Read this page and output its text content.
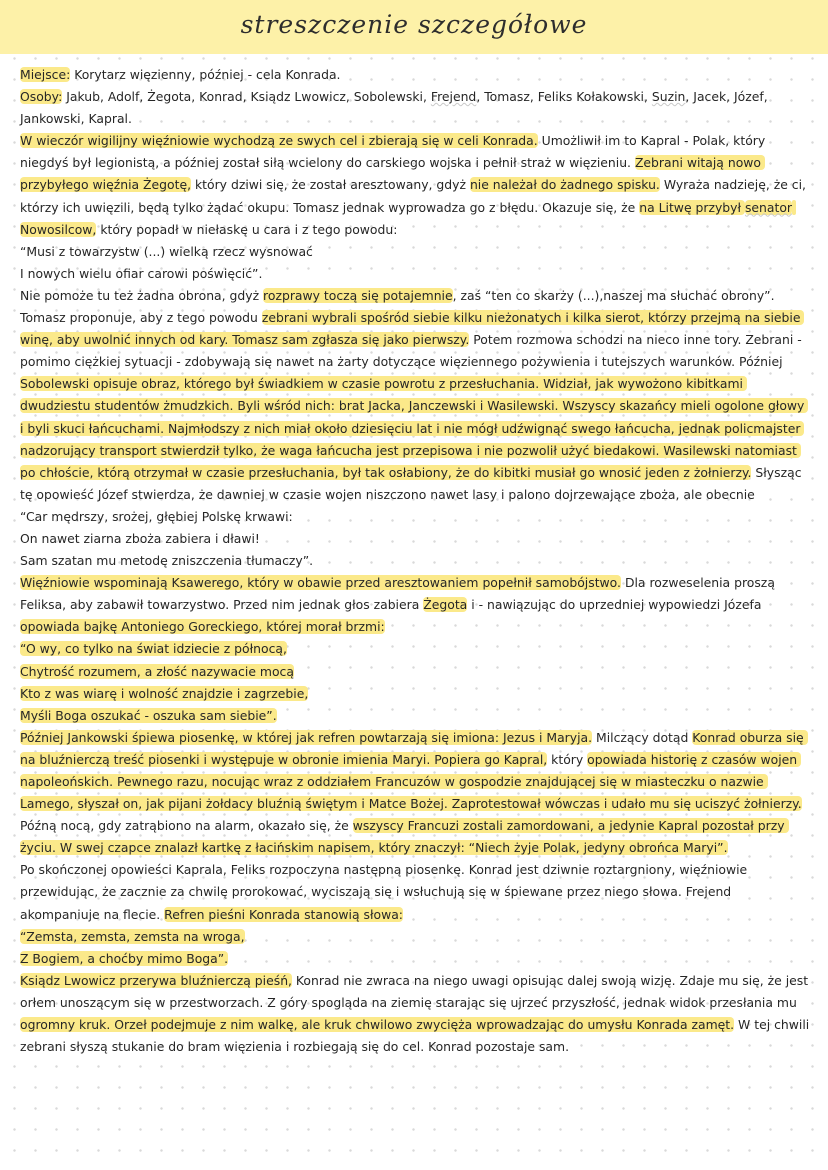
streszczenie szczegółowe
Miejsce: Korytarz więzienny, później - cela Konrada.
Osoby: Jakub, Adolf, Żegota, Konrad, Ksiądz Lwowicz, Sobolewski, Frejend, Tomasz, Feliks Kołakowski, Suzin, Jacek, Józef, Jankowski, Kapral.
W wieczór wigilijny więźniowie wychodzą ze swych cel i zbierają się w celi Konrada. Umożliwił im to Kapral - Polak, który niegdyś był legionistą, a później został siłą wcielony do carskiego wojska i pełnił straż w więzieniu. Zebrani witają nowo przybyłego więźnia Żegotę, który dziwi się, że został aresztowany, gdyż nie należał do żadnego spisku. Wyraża nadzieję, że ci, którzy ich uwięzili, będą tylko żądać okupu. Tomasz jednak wyprowadza go z błędu. Okazuje się, że na Litwę przybył senator Nowosilcow, który popadł w niełaskę u cara i z tego powodu:
“Musi z towarzystw (...) wielką rzecz wysnować
I nowych wielu ofiar carowi poświęcić”.
Nie pomoże tu też żadna obrona, gdyż rozprawy toczą się potajemnie, zaś “ten co skarży (...),naszej ma słuchać obrony”. Tomasz proponuje, aby z tego powodu zebrani wybrali spośród siebie kilku nieżonatych i kilka sierot, którzy przejmą na siebie winę, aby uwolnić innych od kary. Tomasz sam zgłasza się jako pierwszy. Potem rozmowa schodzi na nieco inne tory. Zebrani - pomimo ciężkiej sytuacji - zdobywają się nawet na żarty dotyczące więziennego pożywienia i tutejszych warunków. Później Sobolewski opisuje obraz, którego był świadkiem w czasie powrotu z przesłuchania. Widział, jak wywożono kibitkami dwudziestu studentów żmudzkich. Byli wśród nich: brat Jacka, Janczewski i Wasilewski. Wszyscy skazańcy mieli ogolone głowy i byli skuci łańcuchami. Najmłodszy z nich miał około dziesięciu lat i nie mógł udźwignąć swego łańcucha, jednak policmajster nadzorujący transport stwierdził tylko, że waga łańcucha jest przepisowa i nie pozwolił użyć biedakowi. Wasilewski natomiast po chłoście, którą otrzymał w czasie przesłuchania, był tak osłabiony, że do kibitki musiał go wnosić jeden z żołnierzy. Słysząc tę opowieść Józef stwierdza, że dawniej w czasie wojen niszczono nawet lasy i palono dojrzewające zboża, ale obecnie
“Car mędrszy, srożej, głębiej Polskę krwawi:
On nawet ziarna zboża zabiera i dławi!
Sam szatan mu metodę zniszczenia tłumaczy”.
Więźniowie wspominają Ksawerego, który w obawie przed aresztowaniem popełnił samobójstwo. Dla rozweselenia proszą Feliksa, aby zabawił towarzystwo. Przed nim jednak głos zabiera Żegota i - nawiązując do uprzedniej wypowiedzi Józefa opowiada bajkę Antoniego Goreckiego, której morał brzmi:
“O wy, co tylko na świat idziecie z północą,
Chytrość rozumem, a złość nazywacie mocą
Kto z was wiarę i wolność znajdzie i zagrzebie,
Myśli Boga oszukać - oszuka sam siebie”.
Później Jankowski śpiewa piosenkę, w której jak refren powtarzają się imiona: Jezus i Maryja. Milczący dotąd Konrad oburza się na bluźnierczą treść piosenki i występuje w obronie imienia Maryi. Popiera go Kapral, który opowiada historię z czasów wojen napoleońskich. Pewnego razu, nocując wraz z oddziałem Francuzów w gospodzie znajdującej się w miasteczku o nazwie Lamego, słyszał on, jak pijani żołdacy bluźnią świętym i Matce Bożej. Zaprotestował wówczas i udało mu się uciszyć żołnierzy. Późną nocą, gdy zatrąbiono na alarm, okazało się, że wszyscy Francuzi zostali zamordowani, a jedynie Kapral pozostał przy życiu. W swej czapce znalazł kartkę z łacińskim napisem, który znaczył: “Niech żyje Polak, jedyny obrońca Maryi”.
Po skończonej opowieści Kaprala, Feliks rozpoczyna następną piosenkę. Konrad jest dziwnie roztargniony, więźniowie przewidując, że zacznie za chwilę prorokować, wyciszają się i wsłuchują się w śpiewane przez niego słowa. Frejend akompaniuje na flecie. Refren pieśni Konrada stanowią słowa:
“Zemsta, zemsta, zemsta na wroga,
Z Bogiem, a choćby mimo Boga”.
Ksiądz Lwowicz przerywa bluźnierczą pieśń, Konrad nie zwraca na niego uwagi opisując dalej swoją wizję. Zdaje mu się, że jest orłem unoszącym się w przestworzach. Z góry spogląda na ziemię starając się ujrzeć przyszłość, jednak widok przesłania mu ogromny kruk. Orzeł podejmuje z nim walkę, ale kruk chwilowo zwycięża wprowadzając do umysłu Konrada zamęt. W tej chwili zebrani słyszą stukanie do bram więzienia i rozbiegają się do cel. Konrad pozostaje sam.
